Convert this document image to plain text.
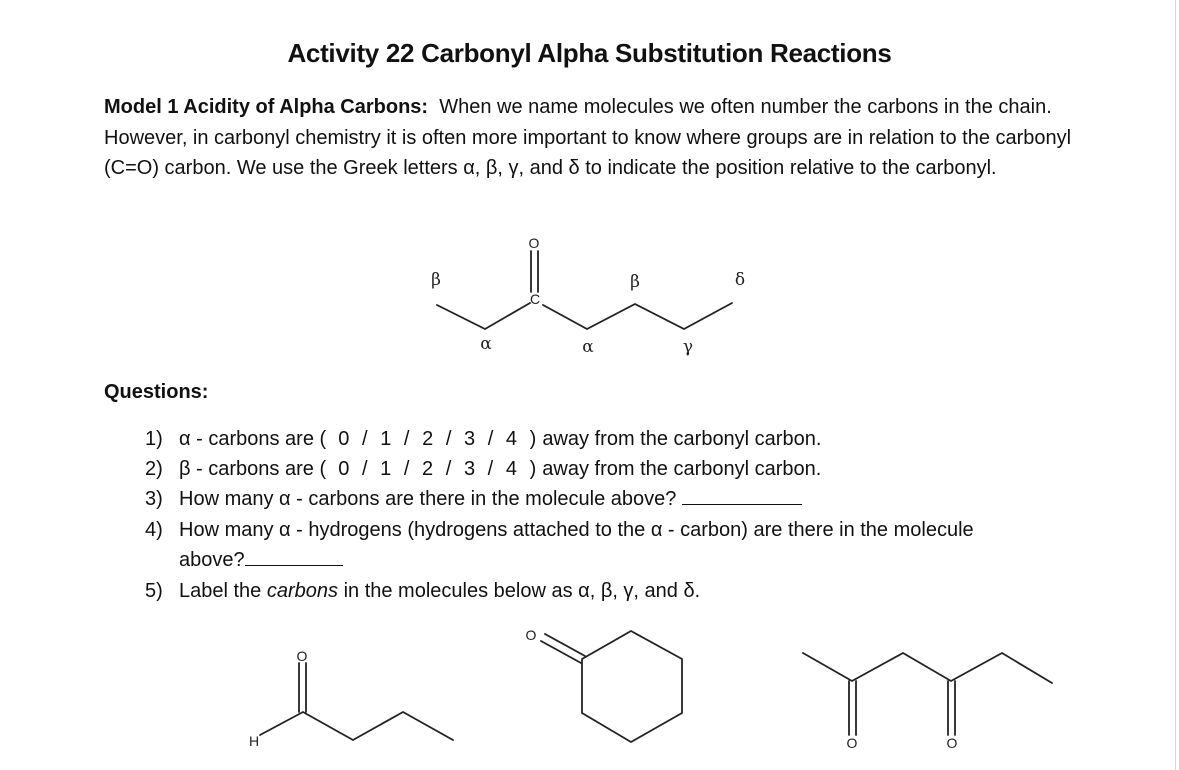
Activity 22 Carbonyl Alpha Substitution Reactions
Model 1 Acidity of Alpha Carbons: When we name molecules we often number the carbons in the chain. However, in carbonyl chemistry it is often more important to know where groups are in relation to the carbonyl (C=O) carbon. We use the Greek letters α, β, γ, and δ to indicate the position relative to the carbonyl.
O
C
β
α	α
β
γ
δ
Questions:
1) α - carbons are (  0  /  1  /  2  /  3  /  4  ) away from the carbonyl carbon.
2) β - carbons are (  0  /  1  /  2  /  3  /  4  ) away from the carbonyl carbon.
3) How many α - carbons are there in the molecule above?
4) How many α - hydrogens (hydrogens attached to the α - carbon) are there in the molecule
above?
5) Label the carbons in the molecules below as α, β, γ, and δ.
O
H
O
O	O
